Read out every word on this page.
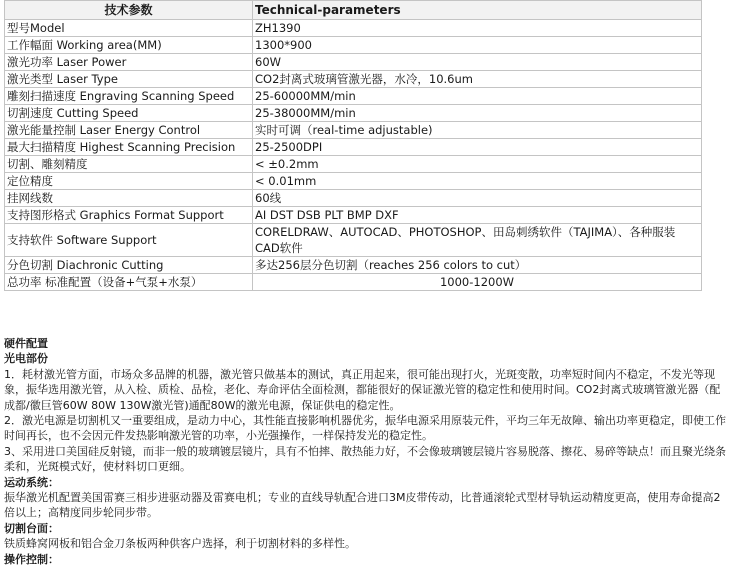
技术参数	Technical-parameters
型号Model	ZH1390
工作幅面 Working area(MM)	1300*900
激光功率 Laser Power	60W
激光类型 Laser Type	CO2封离式玻璃管激光器，水冷，10.6um
雕刻扫描速度 Engraving Scanning Speed	25-60000MM/min
切割速度 Cutting Speed	25-38000MM/min
激光能量控制 Laser Energy Control	实时可调（real-time adjustable)
最大扫描精度 Highest Scanning Precision	25-2500DPI
切割、雕刻精度	< ±0.2mm
定位精度	< 0.01mm
挂网线数	60线
支持图形格式 Graphics Format Support	AI DST DSB PLT BMP DXF
支持软件 Software Support	CORELDRAW、AUTOCAD、PHOTOSHOP、田岛刺绣软件（TAJIMA）、各种服装CAD软件
分色切割 Diachronic Cutting	多达256层分色切割（reaches 256 colors to cut）
总功率 标准配置（设备+气泵+水泵）	1000-1200W

硬件配置

光电部份

1．耗材激光管方面，市场众多品牌的机器，激光管只做基本的测试，真正用起来，很可能出现打火，光斑变散，功率短时间内不稳定，不发光等现象，振华选用激光管，从入检、质检、品检，老化、寿命评估全面检测，都能很好的保证激光管的稳定性和使用时间。CO2封离式玻璃管激光器（配成都/徽巨管60W 80W 130W激光管)通配80W的激光电源，保证供电的稳定性。

2．激光电源是切割机又一重要组成，是动力中心，其性能直接影响机器优劣，振华电源采用原装元件，平均三年无故障、输出功率更稳定，即使工作时间再长，也不会因元件发热影响激光管的功率，小光强操作，一样保持发光的稳定性。

3、采用进口美国硅反射镜，而非一般的玻璃镀层镜片，具有不怕摔、散热能力好，不会像玻璃镀层镜片容易脱落、擦花、易碎等缺点！而且聚光绕条柔和，光斑模式好，使材料切口更细。

运动系统：

振华激光机配置美国雷赛三相步进驱动器及雷赛电机；专业的直线导轨配合进口3M皮带传动，比普通滚轮式型材导轨运动精度更高，使用寿命提高2倍以上；高精度同步轮同步带。

切割台面：

铁质蜂窝网板和铝合金刀条板两种供客户选择，利于切割材料的多样性。

操作控制：
